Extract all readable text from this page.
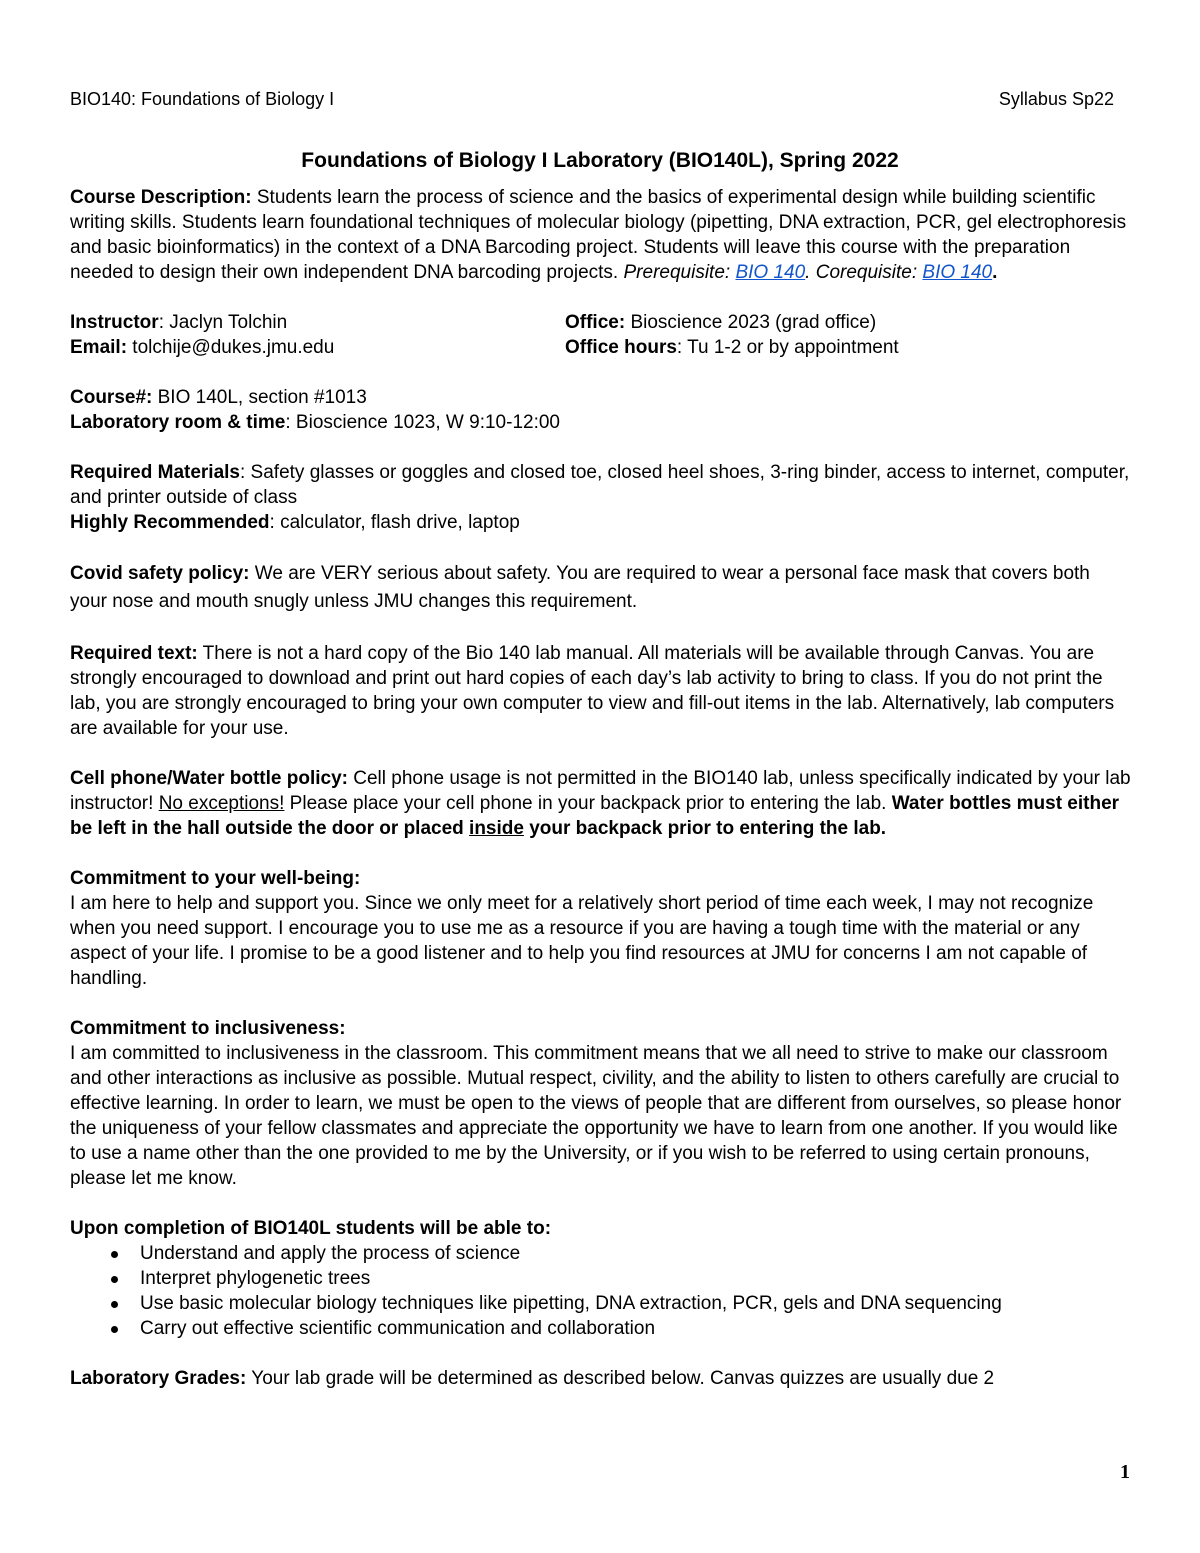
BIO140: Foundations of Biology I	Syllabus Sp22
Foundations of Biology I Laboratory (BIO140L), Spring 2022

Course Description: Students learn the process of science and the basics of experimental design while building scientific writing skills. Students learn foundational techniques of molecular biology (pipetting, DNA extraction, PCR, gel electrophoresis and basic bioinformatics) in the context of a DNA Barcoding project. Students will leave this course with the preparation needed to design their own independent DNA barcoding projects. Prerequisite: BIO 140. Corequisite: BIO 140.

Instructor: Jaclyn Tolchin
Email: tolchije@dukes.jmu.edu
Office: Bioscience 2023 (grad office)
Office hours: Tu 1-2 or by appointment

Course#: BIO 140L, section #1013

Laboratory room & time: Bioscience 1023, W 9:10-12:00

Required Materials: Safety glasses or goggles and closed toe, closed heel shoes, 3-ring binder, access to internet, computer, and printer outside of class

Highly Recommended: calculator, flash drive, laptop

Covid safety policy: We are VERY serious about safety. You are required to wear a personal face mask that covers both your nose and mouth snugly unless JMU changes this requirement.

Required text: There is not a hard copy of the Bio 140 lab manual. All materials will be available through Canvas. You are strongly encouraged to download and print out hard copies of each day’s lab activity to bring to class. If you do not print the lab, you are strongly encouraged to bring your own computer to view and fill-out items in the lab. Alternatively, lab computers are available for your use.

Cell phone/Water bottle policy: Cell phone usage is not permitted in the BIO140 lab, unless specifically indicated by your lab instructor! No exceptions! Please place your cell phone in your backpack prior to entering the lab. Water bottles must either be left in the hall outside the door or placed inside your backpack prior to entering the lab.

Commitment to your well-being:

I am here to help and support you. Since we only meet for a relatively short period of time each week, I may not recognize when you need support. I encourage you to use me as a resource if you are having a tough time with the material or any aspect of your life. I promise to be a good listener and to help you find resources at JMU for concerns I am not capable of handling.

Commitment to inclusiveness:

I am committed to inclusiveness in the classroom. This commitment means that we all need to strive to make our classroom and other interactions as inclusive as possible. Mutual respect, civility, and the ability to listen to others carefully are crucial to effective learning. In order to learn, we must be open to the views of people that are different from ourselves, so please honor the uniqueness of your fellow classmates and appreciate the opportunity we have to learn from one another. If you would like to use a name other than the one provided to me by the University, or if you wish to be referred to using certain pronouns, please let me know.

Upon completion of BIO140L students will be able to:

Understand and apply the process of science
Interpret phylogenetic trees
Use basic molecular biology techniques like pipetting, DNA extraction, PCR, gels and DNA sequencing
Carry out effective scientific communication and collaboration

Laboratory Grades: Your lab grade will be determined as described below. Canvas quizzes are usually due 2

1
